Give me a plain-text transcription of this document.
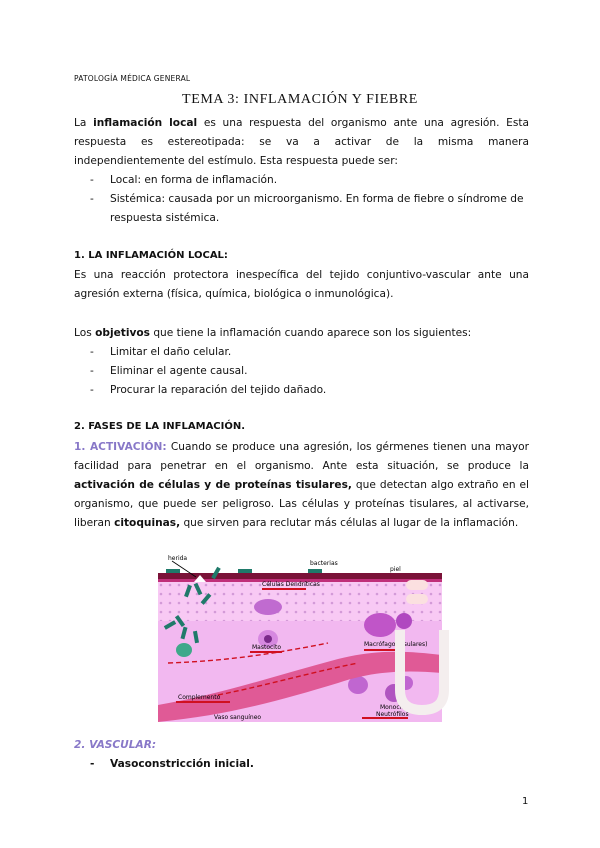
PATOLOGÍA MÉDICA GENERAL
TEMA 3: INFLAMACIÓN Y FIEBRE
La inflamación local es una respuesta del organismo ante una agresión. Esta respuesta es estereotipada: se va a activar de la misma manera independientemente del estímulo. Esta respuesta puede ser:
- Local: en forma de inflamación.
- Sistémica: causada por un microorganismo. En forma de fiebre o síndrome de respuesta sistémica.
1. LA INFLAMACIÓN LOCAL:
Es una reacción protectora inespecífica del tejido conjuntivo-vascular ante una agresión externa (física, química, biológica o inmunológica).
Los objetivos que tiene la inflamación cuando aparece son los siguientes:
- Limitar el daño celular.
- Eliminar el agente causal.
- Procurar la reparación del tejido dañado.
2. FASES DE LA INFLAMACIÓN.
1. ACTIVACIÓN: Cuando se produce una agresión, los gérmenes tienen una mayor facilidad para penetrar en el organismo. Ante esta situación, se produce la activación de células y de proteínas tisulares, que detectan algo extraño en el organismo, que puede ser peligroso. Las células y proteínas tisulares, al activarse, liberan citoquinas, que sirven para reclutar más células al lugar de la inflamación.
herida
bacterias
piel
Células Dendríticas
Mastocito	Macrófago (tisulares)
Complemento
Vaso sanguíneo
Monocitos
Neutrófilos
2. VASCULAR:
- Vasoconstricción inicial.
1
